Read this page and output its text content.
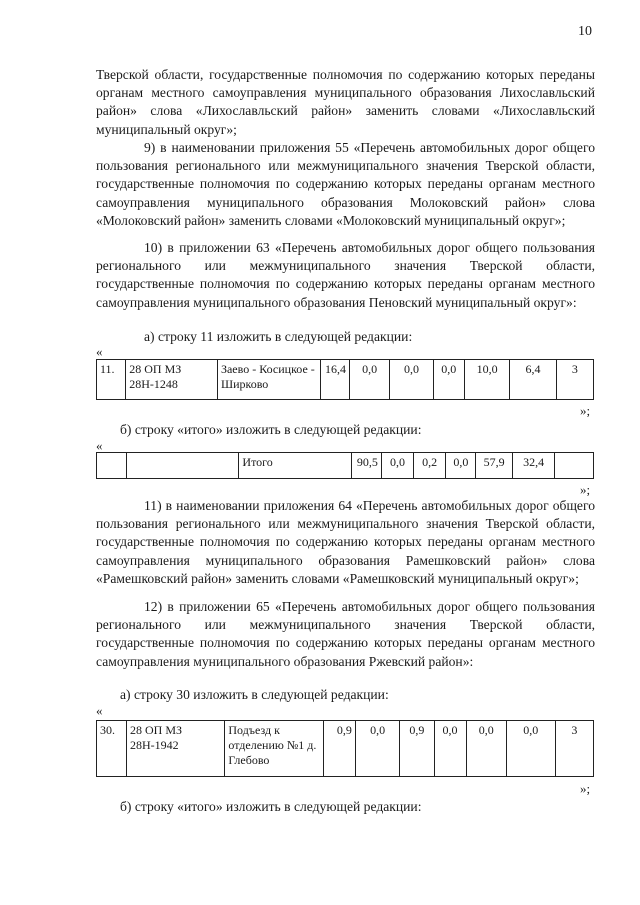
10
Тверской области, государственные полномочия по содержанию которых переданы органам местного самоуправления муниципального образования Лихославльский район» слова «Лихославльский район» заменить словами «Лихославльский муниципальный округ»;
9) в наименовании приложения 55 «Перечень автомобильных дорог общего пользования регионального или межмуниципального значения Тверской области, государственные полномочия по содержанию которых переданы органам местного самоуправления муниципального образования Молоковский район» слова «Молоковский район» заменить словами «Молоковский муниципальный округ»;
10) в приложении 63 «Перечень автомобильных дорог общего пользования регионального или межмуниципального значения Тверской области, государственные полномочия по содержанию которых переданы органам местного самоуправления муниципального образования Пеновский муниципальный округ»:
а) строку 11 изложить в следующей редакции:
«
11.	28 ОП МЗ 28Н-1248	Заево - Косицкое - Ширково	16,4	0,0	0,0	0,0	10,0	6,4	3
»;
б) строку «итого» изложить в следующей редакции:
«
		Итого	90,5	0,0	0,2	0,0	57,9	32,4	
»;
11) в наименовании приложения 64 «Перечень автомобильных дорог общего пользования регионального или межмуниципального значения Тверской области, государственные полномочия по содержанию которых переданы органам местного самоуправления муниципального образования Рамешковский район» слова «Рамешковский район» заменить словами «Рамешковский муниципальный округ»;
12) в приложении 65 «Перечень автомобильных дорог общего пользования регионального или межмуниципального значения Тверской области, государственные полномочия по содержанию которых переданы органам местного самоуправления муниципального образования Ржевский район»:
а) строку 30 изложить в следующей редакции:
«
30.	28 ОП МЗ 28Н-1942	Подъезд к отделению №1 д. Глебово	0,9	0,0	0,9	0,0	0,0	0,0	3
»;
б) строку «итого» изложить в следующей редакции:
